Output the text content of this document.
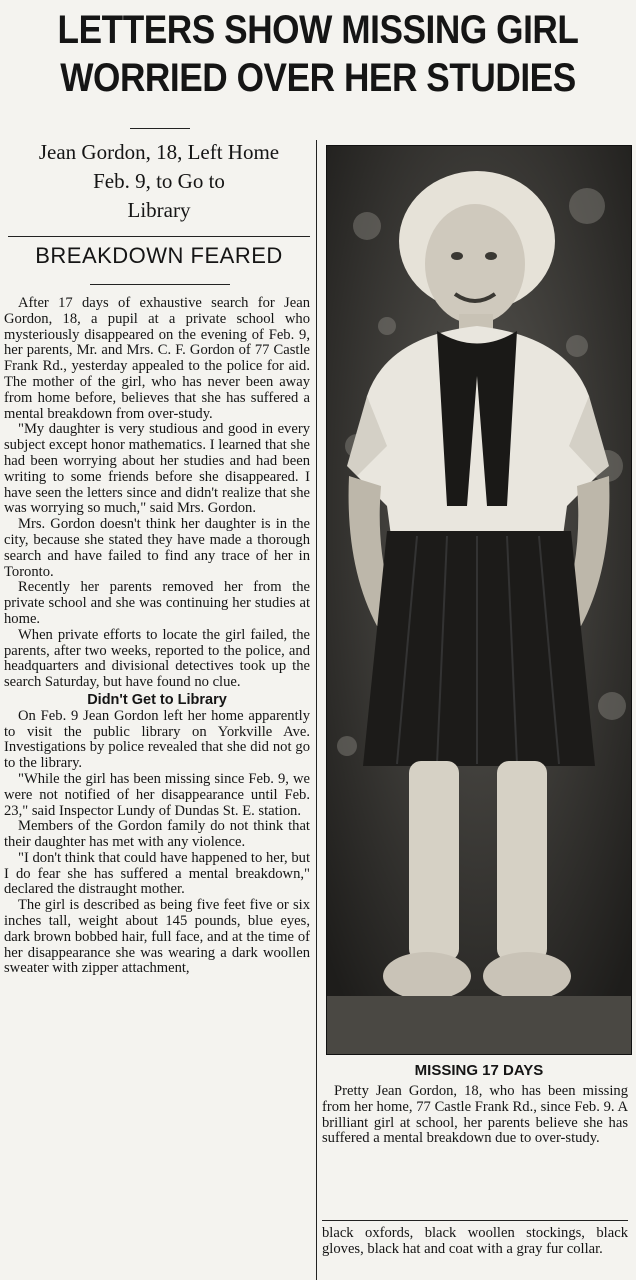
LETTERS SHOW MISSING GIRL
WORRIED OVER HER STUDIES

Jean Gordon, 18, Left Home
Feb. 9, to Go to
Library

BREAKDOWN FEARED

After 17 days of exhaustive search for Jean Gordon, 18, a pupil at a private school who mysteriously disappeared on the evening of Feb. 9, her parents, Mr. and Mrs. C. F. Gordon of 77 Castle Frank Rd., yesterday appealed to the police for aid. The mother of the girl, who has never been away from home before, believes that she has suffered a mental breakdown from over-study.

"My daughter is very studious and good in every subject except honor mathematics. I learned that she had been worrying about her studies and had been writing to some friends before she disappeared. I have seen the letters since and didn't realize that she was worrying so much," said Mrs. Gordon.

Mrs. Gordon doesn't think her daughter is in the city, because she stated they have made a thorough search and have failed to find any trace of her in Toronto.

Recently her parents removed her from the private school and she was continuing her studies at home.

When private efforts to locate the girl failed, the parents, after two weeks, reported to the police, and headquarters and divisional detectives took up the search Saturday, but have found no clue.

Didn't Get to Library

On Feb. 9 Jean Gordon left her home apparently to visit the public library on Yorkville Ave. Investigations by police revealed that she did not go to the library.

"While the girl has been missing since Feb. 9, we were not notified of her disappearance until Feb. 23," said Inspector Lundy of Dundas St. E. station.

Members of the Gordon family do not think that their daughter has met with any violence.

"I don't think that could have happened to her, but I do fear she has suffered a mental breakdown," declared the distraught mother.

The girl is described as being five feet five or six inches tall, weight about 145 pounds, blue eyes, dark brown bobbed hair, full face, and at the time of her disappearance she was wearing a dark woollen sweater with zipper attachment,

MISSING 17 DAYS

Pretty Jean Gordon, 18, who has been missing from her home, 77 Castle Frank Rd., since Feb. 9. A brilliant girl at school, her parents believe she has suffered a mental breakdown due to over-study.

black oxfords, black woollen stockings, black gloves, black hat and coat with a gray fur collar.
